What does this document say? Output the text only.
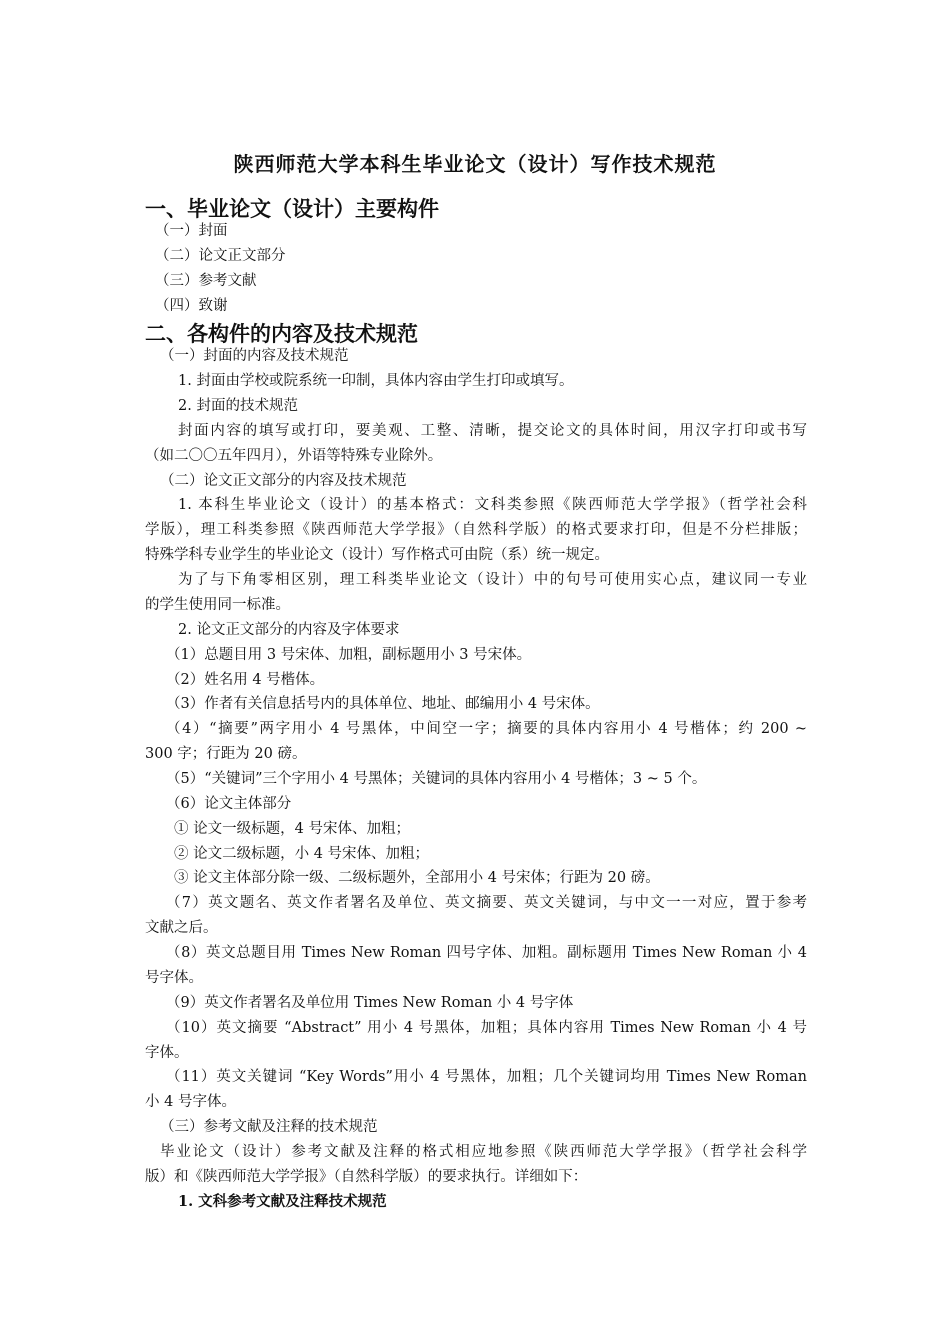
陕西师范大学本科生毕业论文（设计）写作技术规范
一、毕业论文（设计）主要构件
（一）封面
（二）论文正文部分
（三）参考文献
（四）致谢
二、各构件的内容及技术规范
（一）封面的内容及技术规范
1. 封面由学校或院系统一印制，具体内容由学生打印或填写。
2. 封面的技术规范
封面内容的填写或打印，要美观、工整、清晰，提交论文的具体时间，用汉字打印或书写
（如二〇〇五年四月），外语等特殊专业除外。
（二）论文正文部分的内容及技术规范
1. 本科生毕业论文（设计）的基本格式：文科类参照《陕西师范大学学报》（哲学社会科
学版），理工科类参照《陕西师范大学学报》（自然科学版）的格式要求打印，但是不分栏排版；
特殊学科专业学生的毕业论文（设计）写作格式可由院（系）统一规定。
为了与下角零相区别，理工科类毕业论文（设计）中的句号可使用实心点，建议同一专业
的学生使用同一标准。
2. 论文正文部分的内容及字体要求
（1）总题目用 3 号宋体、加粗，副标题用小 3 号宋体。
（2）姓名用 4 号楷体。
（3）作者有关信息括号内的具体单位、地址、邮编用小 4 号宋体。
（4）“摘要”两字用小 4 号黑体，中间空一字；摘要的具体内容用小 4 号楷体；约 200 ~
300 字；行距为 20 磅。
（5）“关键词”三个字用小 4 号黑体；关键词的具体内容用小 4 号楷体；3 ~ 5 个。
（6）论文主体部分
① 论文一级标题，4 号宋体、加粗；
② 论文二级标题，小 4 号宋体、加粗；
③ 论文主体部分除一级、二级标题外，全部用小 4 号宋体；行距为 20 磅。
（7）英文题名、英文作者署名及单位、英文摘要、英文关键词，与中文一一对应，置于参考
文献之后。
（8）英文总题目用 Times New Roman 四号字体、加粗。副标题用 Times New Roman 小 4
号字体。
（9）英文作者署名及单位用 Times New Roman 小 4 号字体
（10）英文摘要 “Abstract” 用小 4 号黑体，加粗；具体内容用 Times New Roman 小 4 号
字体。
（11）英文关键词 “Key Words”用小 4 号黑体，加粗；几个关键词均用 Times New Roman
小 4 号字体。
（三）参考文献及注释的技术规范
毕业论文（设计）参考文献及注释的格式相应地参照《陕西师范大学学报》（哲学社会科学
版）和《陕西师范大学学报》（自然科学版）的要求执行。详细如下：
1. 文科参考文献及注释技术规范
